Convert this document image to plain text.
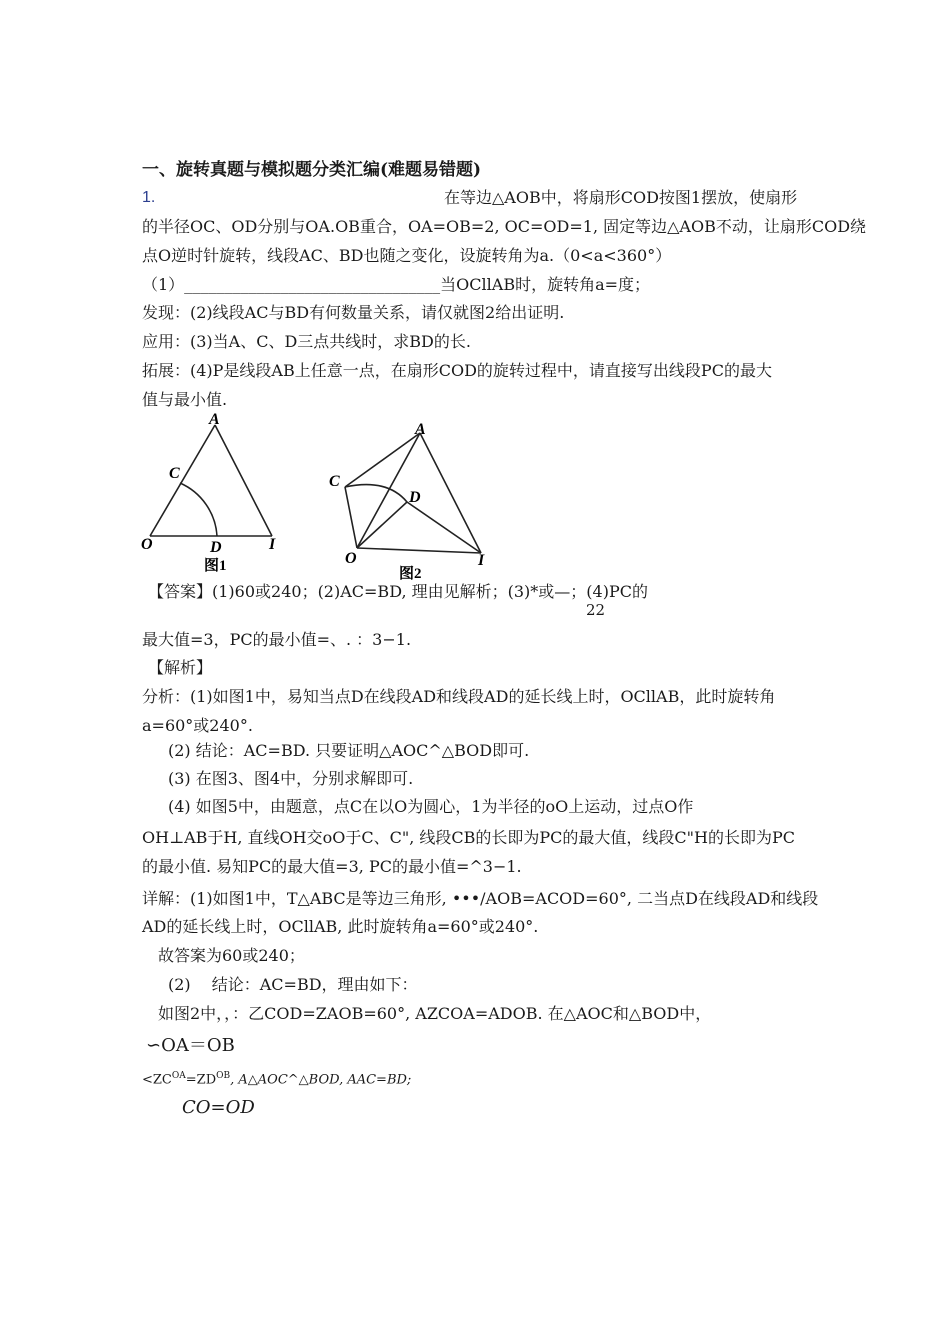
一、旋转真题与模拟题分类汇编(难题易错题)
1.	在等边△AOB中，将扇形COD按图1摆放，使扇形
的半径OC、OD分别与OA.OB重合，OA=OB=2, OC=OD=1, 固定等边△AOB不动，让扇形COD绕
点O逆时针旋转，线段AC、BD也随之变化，设旋转角为a.（0<a<360°）
（1）________________________________当OCllAB时，旋转角a=度；
发现：(2)线段AC与BD有何数量关系，请仅就图2给出证明.
应用：(3)当A、C、D三点共线时，求BD的长.
拓展：(4)P是线段AB上任意一点，在扇形COD的旋转过程中，请直接写出线段PC的最大
值与最小值.
A
C
O	D	I
图1
A
C
D
O	I
图2
【答案】(1)60或240；(2)AC=BD, 理由见解析；(3)*或—；(4)PC的
22
最大值=3，PC的最小值=、. ：3−1.
【解析】
分析：(1)如图1中，易知当点D在线段AD和线段AD的延长线上时，OCllAB，此时旋转角
a=60°或240°.
(2) 结论：AC=BD. 只要证明△AOC^△BOD即可.
(3) 在图3、图4中，分别求解即可.
(4) 如图5中，由题意，点C在以O为圆心，1为半径的oO上运动，过点O作
OH⊥AB于H, 直线OH交oO于C、C", 线段CB的长即为PC的最大值，线段C"H的长即为PC
的最小值. 易知PC的最大值=3, PC的最小值=^3−1.
详解：(1)如图1中，T△ABC是等边三角形, •••/AOB=ACOD=60°, 二当点D在线段AD和线段
AD的延长线上时，OCllAB, 此时旋转角a=60°或240°.
故答案为60或240；
(2)　 结论：AC=BD，理由如下：
如图2中，，：乙COD=ZAOB=60°, AZCOA=ADOB. 在△AOC和△BOD中，
∽OA＝OB
$<ZC^{OA}=ZD^{OB}$, A△AOC^△BOD, AAC=BD;
CO=OD
